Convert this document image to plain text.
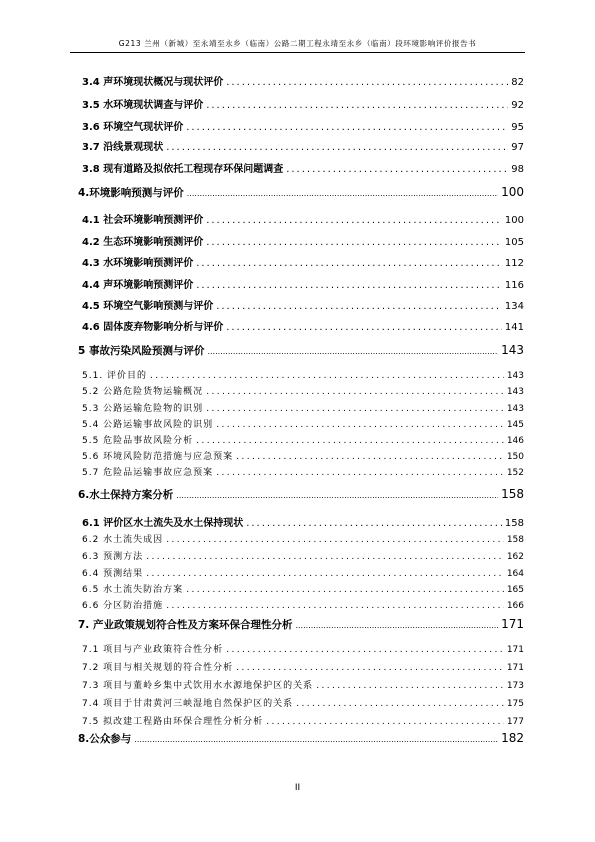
G213 兰州（新城）至永靖至永乡（临南）公路二期工程永靖至永乡（临南）段环境影响评价报告书
3.4 声环境现状概况与现状评价 .....	82
3.5 水环境现状调查与评价 .....	92
3.6 环境空气现状评价 .....	95
3.7 沿线景观现状 .....	97
3.8 现有道路及拟依托工程现存环保问题调查 .....	98
4.环境影响预测与评价 .....	100
4.1 社会环境影响预测评价 .....	100
4.2 生态环境影响预测评价 .....	105
4.3 水环境影响预测评价 .....	112
4.4 声环境影响预测评价 .....	116
4.5 环境空气影响预测与评价 .....	134
4.6 固体废弃物影响分析与评价 .....	141
5 事故污染风险预测与评价 .....	143
5.1. 评价目的 .....	143
5.2 公路危险货物运输概况 .....	143
5.3 公路运输危险物的识别 .....	143
5.4 公路运输事故风险的识别 .....	145
5.5 危险品事故风险分析 .....	146
5.6 环境风险防范措施与应急预案 .....	150
5.7 危险品运输事故应急预案 .....	152
6.水土保持方案分析 .....	158
6.1 评价区水土流失及水土保持现状 .....	158
6.2 水土流失成因 .....	158
6.3 预测方法 .....	162
6.4 预测结果 .....	164
6.5 水土流失防治方案 .....	165
6.6 分区防治措施 .....	166
7. 产业政策规划符合性及方案环保合理性分析 .....	171
7.1 项目与产业政策符合性分析 .....	171
7.2 项目与相关规划的符合性分析 .....	171
7.3 项目与董岭乡集中式饮用水水源地保护区的关系 .....	173
7.4 项目于甘肃黄河三峡湿地自然保护区的关系 .....	175
7.5 拟改建工程路由环保合理性分析分析 .....	177
8.公众参与 .....	182
II
